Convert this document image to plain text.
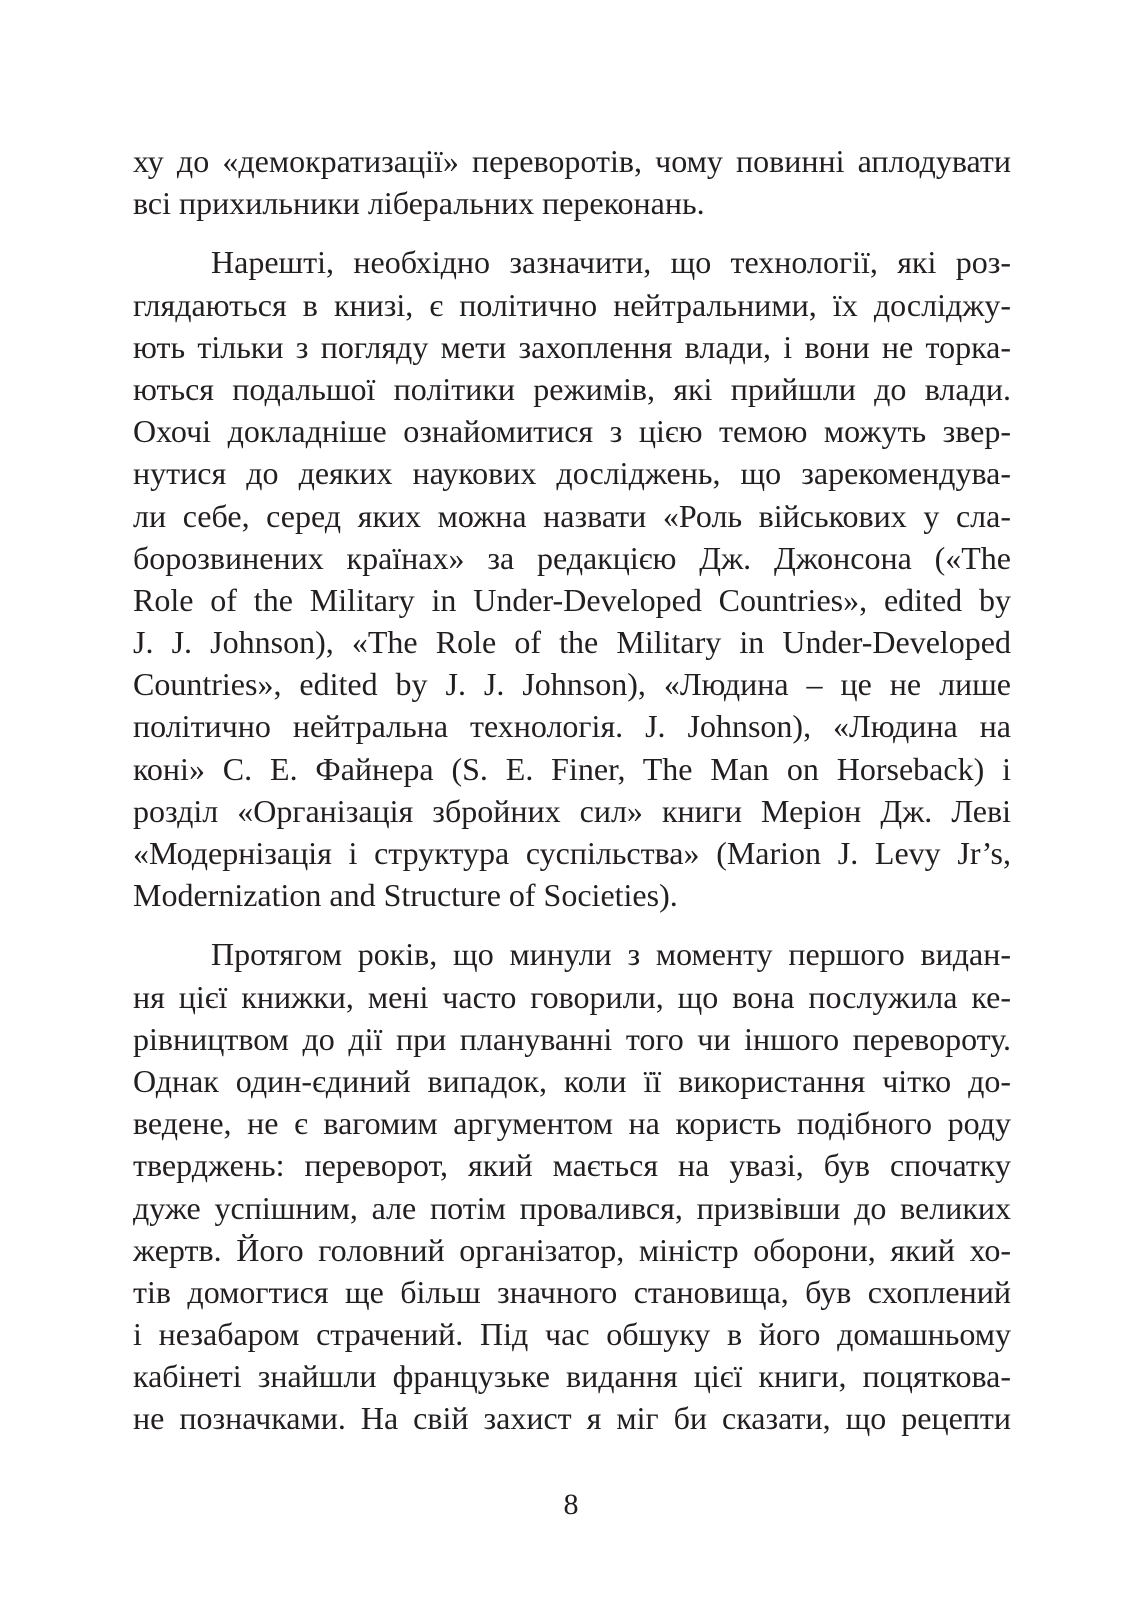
ху до «демократизації» переворотів, чому повинні аплодувати
всі прихильники ліберальних переконань.
Нарешті, необхідно зазначити, що технології, які роз-
глядаються в книзі, є політично нейтральними, їх досліджу-
ють тільки з погляду мети захоплення влади, і вони не торка-
ються подальшої політики режимів, які прийшли до влади.
Охочі докладніше ознайомитися з цією темою можуть звер-
нутися до деяких наукових досліджень, що зарекомендува-
ли себе, серед яких можна назвати «Роль військових у сла-
борозвинених країнах» за редакцією Дж. Джонсона («The
Role of the Military in Under-Developed Countries», edited by
J. J. Johnson), «The Role of the Military in Under-Developed
Countries», edited by J. J. Johnson), «Людина – це не лише
політично нейтральна технологія. J. Johnson), «Людина на
коні» С. Е. Файнера (S. E. Finer, The Man on Horseback) і
розділ «Організація збройних сил» книги Меріон Дж. Леві
«Модернізація і структура суспільства» (Marion J. Levy Jr’s,
Modernization and Structure of Societies).
Протягом років, що минули з моменту першого видан-
ня цієї книжки, мені часто говорили, що вона послужила ке-
рівництвом до дії при плануванні того чи іншого перевороту.
Однак один-єдиний випадок, коли її використання чітко до-
ведене, не є вагомим аргументом на користь подібного роду
тверджень: переворот, який мається на увазі, був спочатку
дуже успішним, але потім провалився, призвівши до великих
жертв. Його головний організатор, міністр оборони, який хо-
тів домогтися ще більш значного становища, був схоплений
і незабаром страчений. Під час обшуку в його домашньому
кабінеті знайшли французьке видання цієї книги, поцяткова-
не позначками. На свій захист я міг би сказати, що рецепти
8
